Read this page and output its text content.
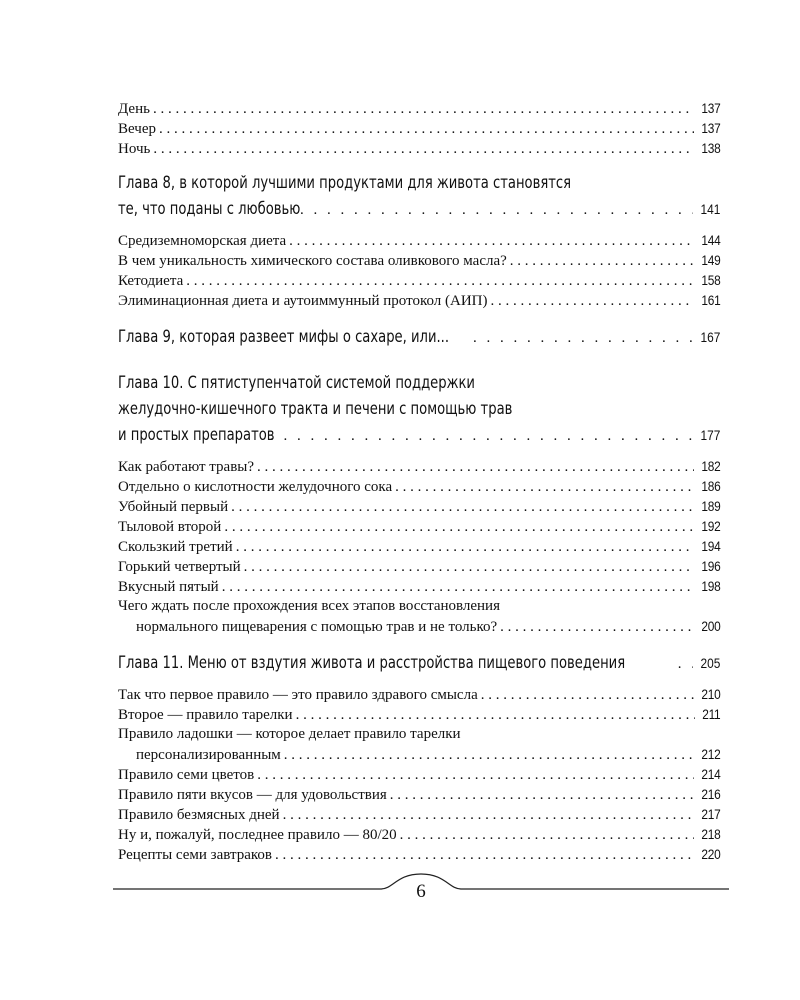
День . . .	137
Вечер . . .	137
Ночь . . .	138
Глава 8, в которой лучшими продуктами для живота становятся
те, что поданы с любовью . . .	141
Средиземноморская диета . . .	144
В чем уникальность химического состава оливкового масла? . . .	149
Кетодиета . . .	158
Элиминационная диета и аутоиммунный протокол (АИП) . . .	161
Глава 9, которая развеет мифы о сахаре, или... . . .	167
Глава 10. С пятиступенчатой системой поддержки
желудочно-кишечного тракта и печени с помощью трав
и простых препаратов . . .	177
Как работают травы? . . .	182
Отдельно о кислотности желудочного сока . . .	186
Убойный первый . . .	189
Тыловой второй . . .	192
Скользкий третий . . .	194
Горький четвертый . . .	196
Вкусный пятый . . .	198
Чего ждать после прохождения всех этапов восстановления
нормального пищеварения с помощью трав и не только? . . .	200
Глава 11. Меню от вздутия живота и расстройства пищевого поведения . . .	205
Так что первое правило — это правило здравого смысла . . .	210
Второе — правило тарелки . . .	211
Правило ладошки — которое делает правило тарелки
персонализированным . . .	212
Правило семи цветов . . .	214
Правило пяти вкусов — для удовольствия . . .	216
Правило безмясных дней . . .	217
Ну и, пожалуй, последнее правило — 80/20 . . .	218
Рецепты семи завтраков . . .	220
6
